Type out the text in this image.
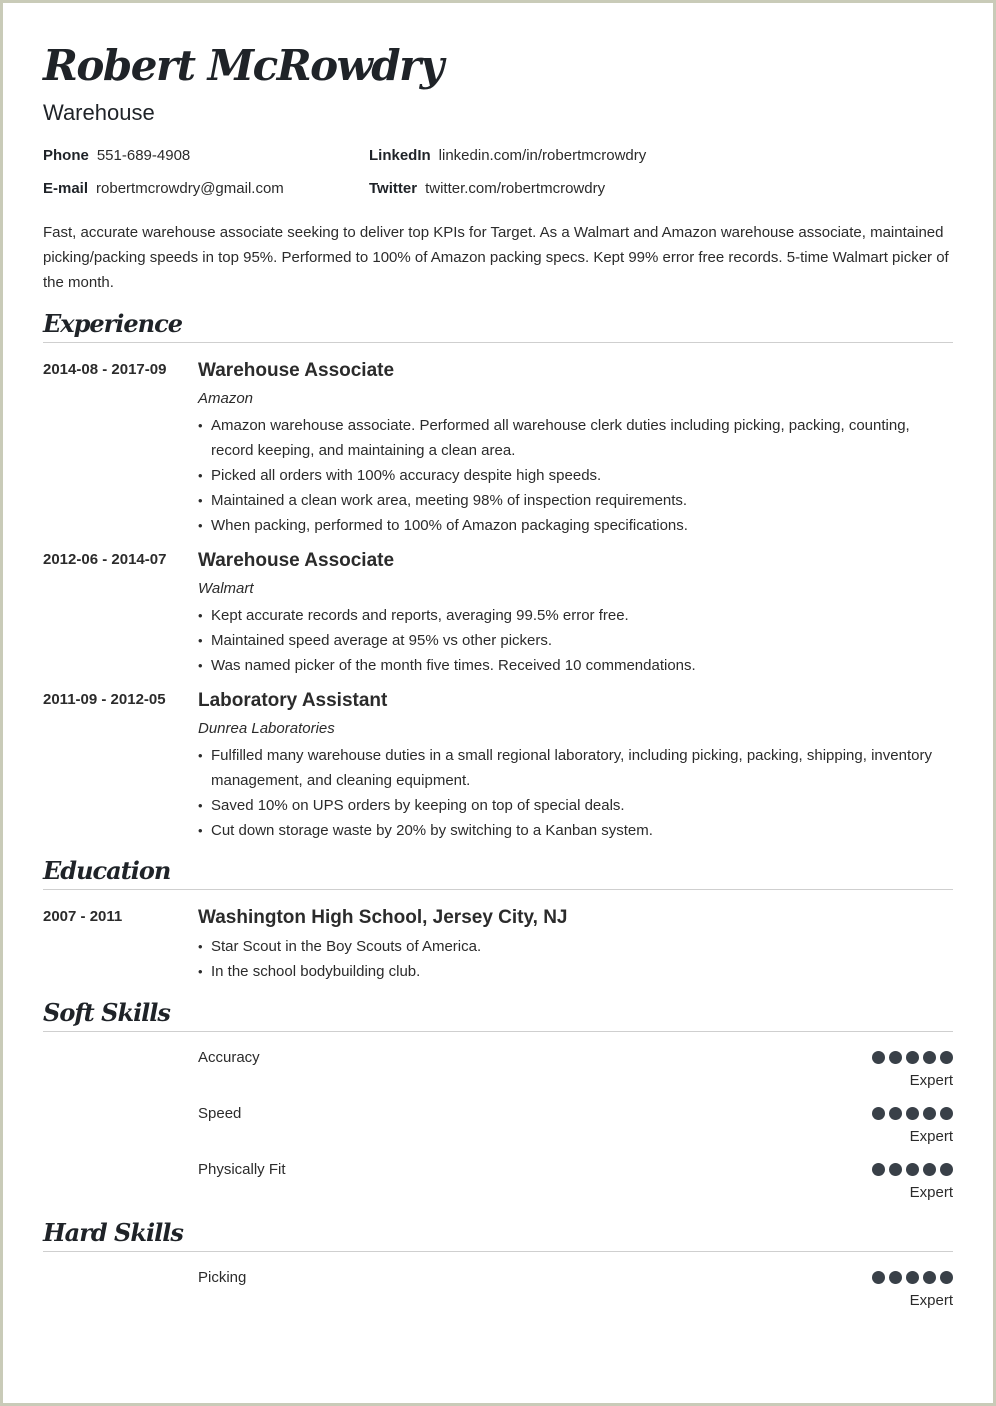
Robert McRowdry
Warehouse
Phone 551-689-4908	LinkedIn linkedin.com/in/robertmcrowdry
E-mail robertmcrowdry@gmail.com	Twitter twitter.com/robertmcrowdry
Fast, accurate warehouse associate seeking to deliver top KPIs for Target. As a Walmart and Amazon warehouse associate, maintained picking/packing speeds in top 95%. Performed to 100% of Amazon packing specs. Kept 99% error free records. 5-time Walmart picker of the month.
Experience
2014-08 - 2017-09 Warehouse Associate
Amazon
• Amazon warehouse associate. Performed all warehouse clerk duties including picking, packing, counting, record keeping, and maintaining a clean area.
• Picked all orders with 100% accuracy despite high speeds.
• Maintained a clean work area, meeting 98% of inspection requirements.
• When packing, performed to 100% of Amazon packaging specifications.
2012-06 - 2014-07 Warehouse Associate
Walmart
• Kept accurate records and reports, averaging 99.5% error free.
• Maintained speed average at 95% vs other pickers.
• Was named picker of the month five times. Received 10 commendations.
2011-09 - 2012-05 Laboratory Assistant
Dunrea Laboratories
• Fulfilled many warehouse duties in a small regional laboratory, including picking, packing, shipping, inventory management, and cleaning equipment.
• Saved 10% on UPS orders by keeping on top of special deals.
• Cut down storage waste by 20% by switching to a Kanban system.
Education
2007 - 2011	Washington High School, Jersey City, NJ
• Star Scout in the Boy Scouts of America.
• In the school bodybuilding club.
Soft Skills
Accuracy
Expert
Speed
Expert
Physically Fit
Expert
Hard Skills
Picking
Expert
